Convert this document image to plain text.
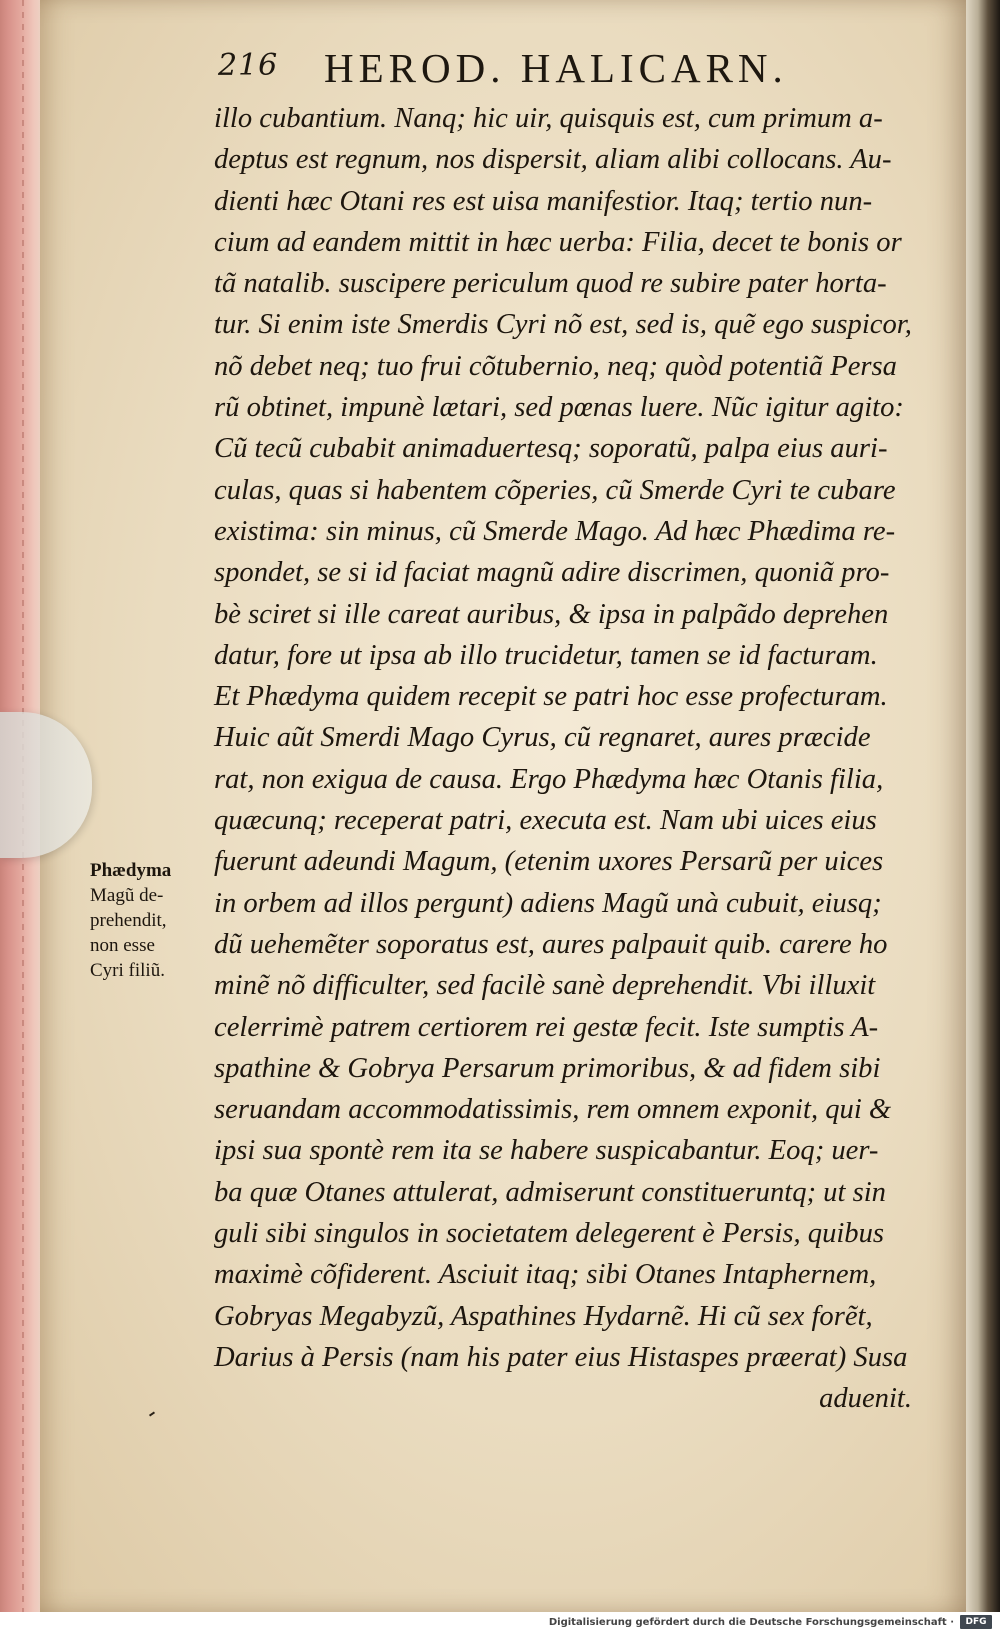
216 HEROD. HALICARN.
illo cubantium. Nanq; hic uir, quisquis est, cum primum a-
deptus est regnum, nos dispersit, aliam alibi collocans. Au-
dienti hæc Otani res est uisa manifestior. Itaq; tertio nun-
cium ad eandem mittit in hæc uerba: Filia, decet te bonis or
tã natalib. suscipere periculum quod re subire pater horta-
tur. Si enim iste Smerdis Cyri nõ est, sed is, quẽ ego suspicor,
nõ debet neq; tuo frui cõtubernio, neq; quòd potentiã Persa
rũ obtinet, impunè lætari, sed pœnas luere. Nũc igitur agito:
Cũ tecũ cubabit animaduertesq; soporatũ, palpa eius auri-
culas, quas si habentem cõperies, cũ Smerde Cyri te cubare
existima: sin minus, cũ Smerde Mago. Ad hæc Phædima re-
spondet, se si id faciat magnũ adire discrimen, quoniã pro-
bè sciret si ille careat auribus, & ipsa in palpãdo deprehen
datur, fore ut ipsa ab illo trucidetur, tamen se id facturam.
Et Phædyma quidem recepit se patri hoc esse profecturam.
Huic aũt Smerdi Mago Cyrus, cũ regnaret, aures præcide
rat, non exigua de causa. Ergo Phædyma hæc Otanis filia,
quæcunq; receperat patri, executa est. Nam ubi uices eius
fuerunt adeundi Magum, (etenim uxores Persarũ per uices
in orbem ad illos pergunt) adiens Magũ unà cubuit, eiusq;
dũ uehemẽter soporatus est, aures palpauit quib. carere ho
minẽ nõ difficulter, sed facilè sanè deprehendit. Vbi illuxit
celerrimè patrem certiorem rei gestæ fecit. Iste sumptis A-
spathine & Gobrya Persarum primoribus, & ad fidem sibi
seruandam accommodatissimis, rem omnem exponit, qui &
ipsi sua spontè rem ita se habere suspicabantur. Eoq; uer-
ba quæ Otanes attulerat, admiserunt constitueruntq; ut sin
guli sibi singulos in societatem delegerent è Persis, quibus
maximè cõfiderent. Asciuit itaq; sibi Otanes Intaphernem,
Gobryas Megabyzũ, Aspathines Hydarnẽ. Hi cũ sex forẽt,
Darius à Persis (nam his pater eius Histaspes præerat) Susa
aduenit.
Phædyma
Magũ de-
prehendit,
non esse
Cyri filiũ.
Digitalisierung gefördert durch die Deutsche Forschungsgemeinschaft ·	DFG
